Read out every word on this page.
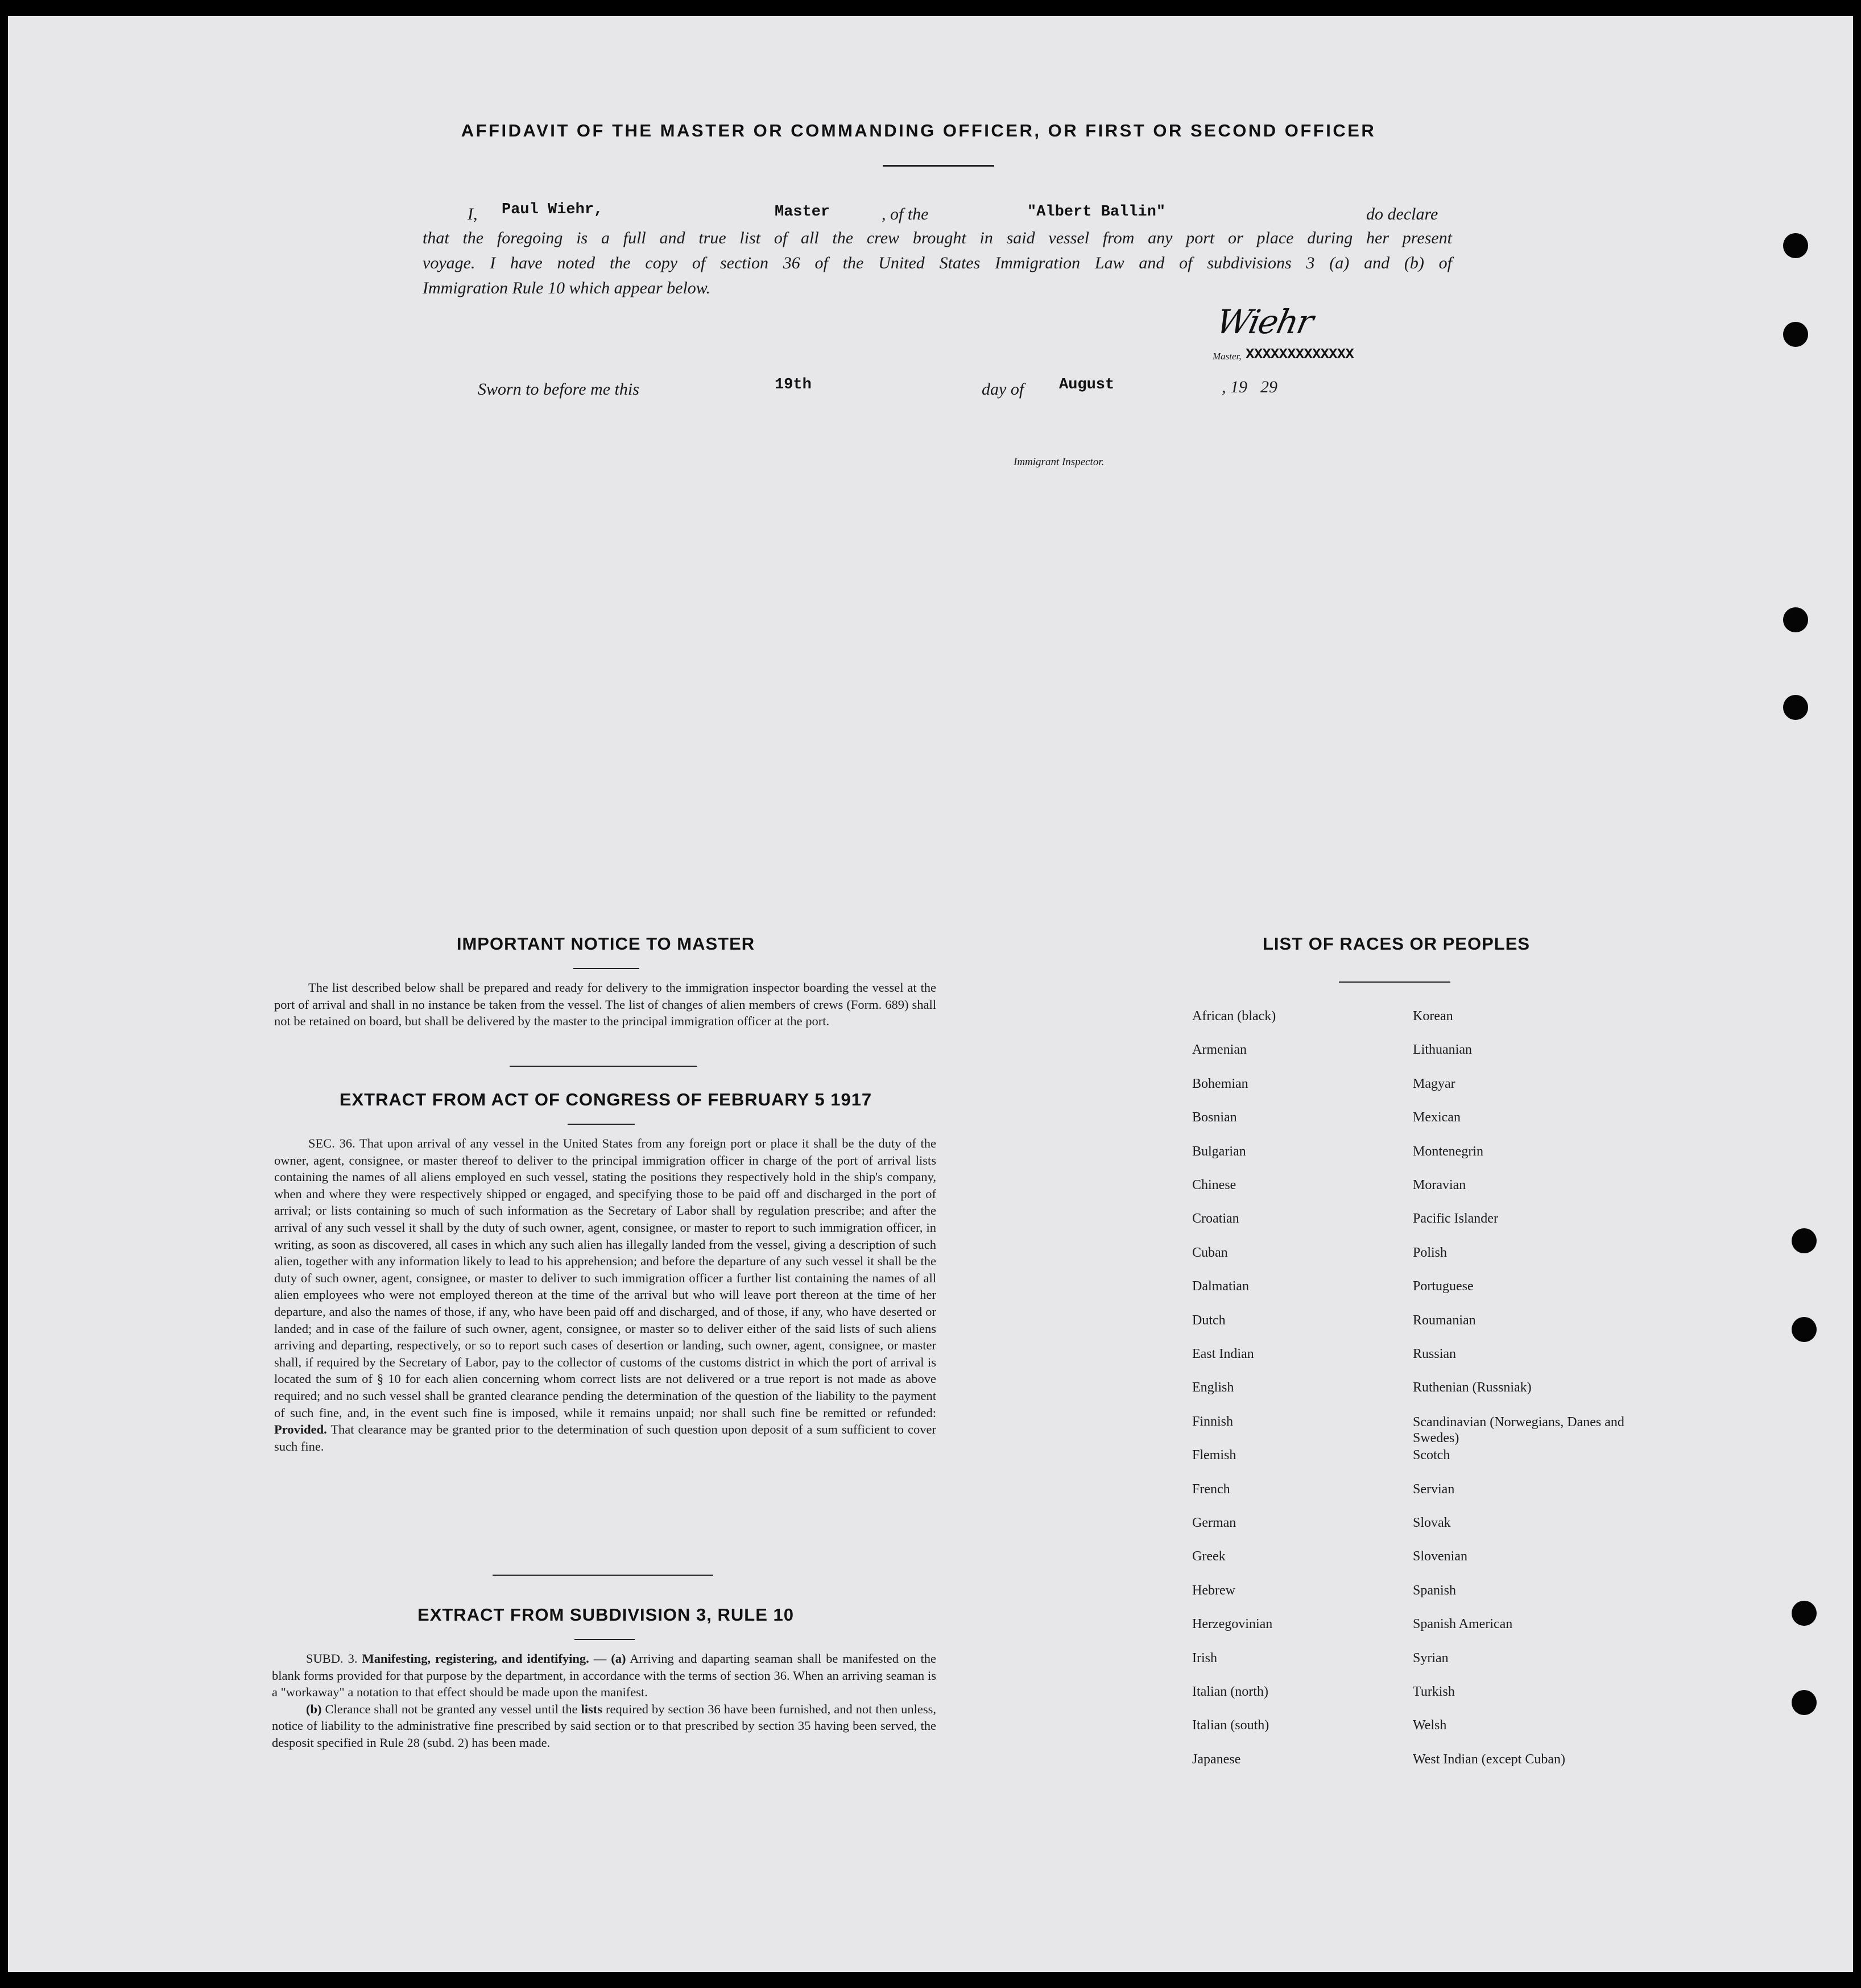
AFFIDAVIT OF THE MASTER OR COMMANDING OFFICER, OR FIRST OR SECOND OFFICER
I, Paul Wiehr,	Master	, of the	"Albert Ballin"	do declare
that the foregoing is a full and true list of all the crew brought in said vessel from any port or place during her present
voyage. I have noted the copy of section 36 of the United States Immigration Law and of subdivisions 3 (a) and (b) of
Immigration Rule 10 which appear below.
Wiehr
Master, XXXXXXXXXXXXX
Sworn to before me this	19th	day of August	, 19 29
Immigrant Inspector.
IMPORTANT NOTICE TO MASTER

The list described below shall be prepared and ready for delivery to the immigration inspector boarding the vessel at the port of arrival and shall in no instance be taken from the vessel. The list of changes of alien members of crews (Form. 689) shall not be retained on board, but shall be delivered by the master to the principal immigration officer at the port.

EXTRACT FROM ACT OF CONGRESS OF FEBRUARY 5 1917

SEC. 36. That upon arrival of any vessel in the United States from any foreign port or place it shall be the duty of the owner, agent, consignee, or master thereof to deliver to the principal immigration officer in charge of the port of arrival lists containing the names of all aliens employed en such vessel, stating the positions they respectively hold in the ship's company, when and where they were respectively shipped or engaged, and specifying those to be paid off and discharged in the port of arrival; or lists containing so much of such information as the Secretary of Labor shall by regulation prescribe; and after the arrival of any such vessel it shall by the duty of such owner, agent, consignee, or master to report to such immigration officer, in writing, as soon as discovered, all cases in which any such alien has illegally landed from the vessel, giving a description of such alien, together with any information likely to lead to his apprehension; and before the departure of any such vessel it shall be the duty of such owner, agent, consignee, or master to deliver to such immigration officer a further list containing the names of all alien employees who were not employed thereon at the time of the arrival but who will leave port thereon at the time of her departure, and also the names of those, if any, who have been paid off and discharged, and of those, if any, who have deserted or landed; and in case of the failure of such owner, agent, consignee, or master so to deliver either of the said lists of such aliens arriving and departing, respectively, or so to report such cases of desertion or landing, such owner, agent, consignee, or master shall, if required by the Secretary of Labor, pay to the collector of customs of the customs district in which the port of arrival is located the sum of § 10 for each alien concerning whom correct lists are not delivered or a true report is not made as above required; and no such vessel shall be granted clearance pending the determination of the question of the liability to the payment of such fine, and, in the event such fine is imposed, while it remains unpaid; nor shall such fine be remitted or refunded: Provided. That clearance may be granted prior to the determination of such question upon deposit of a sum sufficient to cover such fine.

EXTRACT FROM SUBDIVISION 3, RULE 10

SUBD. 3. Manifesting, registering, and identifying. — (a) Arriving and daparting seaman shall be manifested on the blank forms provided for that purpose by the department, in accordance with the terms of section 36. When an arriving seaman is a "workaway" a notation to that effect should be made upon the manifest.

(b) Clerance shall not be granted any vessel until the lists required by section 36 have been furnished, and not then unless, notice of liability to the administrative fine prescribed by said section or to that prescribed by section 35 having been served, the desposit specified in Rule 28 (subd. 2) has been made.

LIST OF RACES OR PEOPLES
African (black)
Armenian
Bohemian
Bosnian
Bulgarian
Chinese
Croatian
Cuban
Dalmatian
Dutch
East Indian
English
Finnish
Flemish
French
German
Greek
Hebrew
Herzegovinian
Irish
Italian (north)
Italian (south)
Japanese
Korean
Lithuanian
Magyar
Mexican
Montenegrin
Moravian
Pacific Islander
Polish
Portuguese
Roumanian
Russian
Ruthenian (Russniak)
Scandinavian (Norwegians, Danes and Swedes)
Scotch
Servian
Slovak
Slovenian
Spanish
Spanish American
Syrian
Turkish
Welsh
West Indian (except Cuban)
